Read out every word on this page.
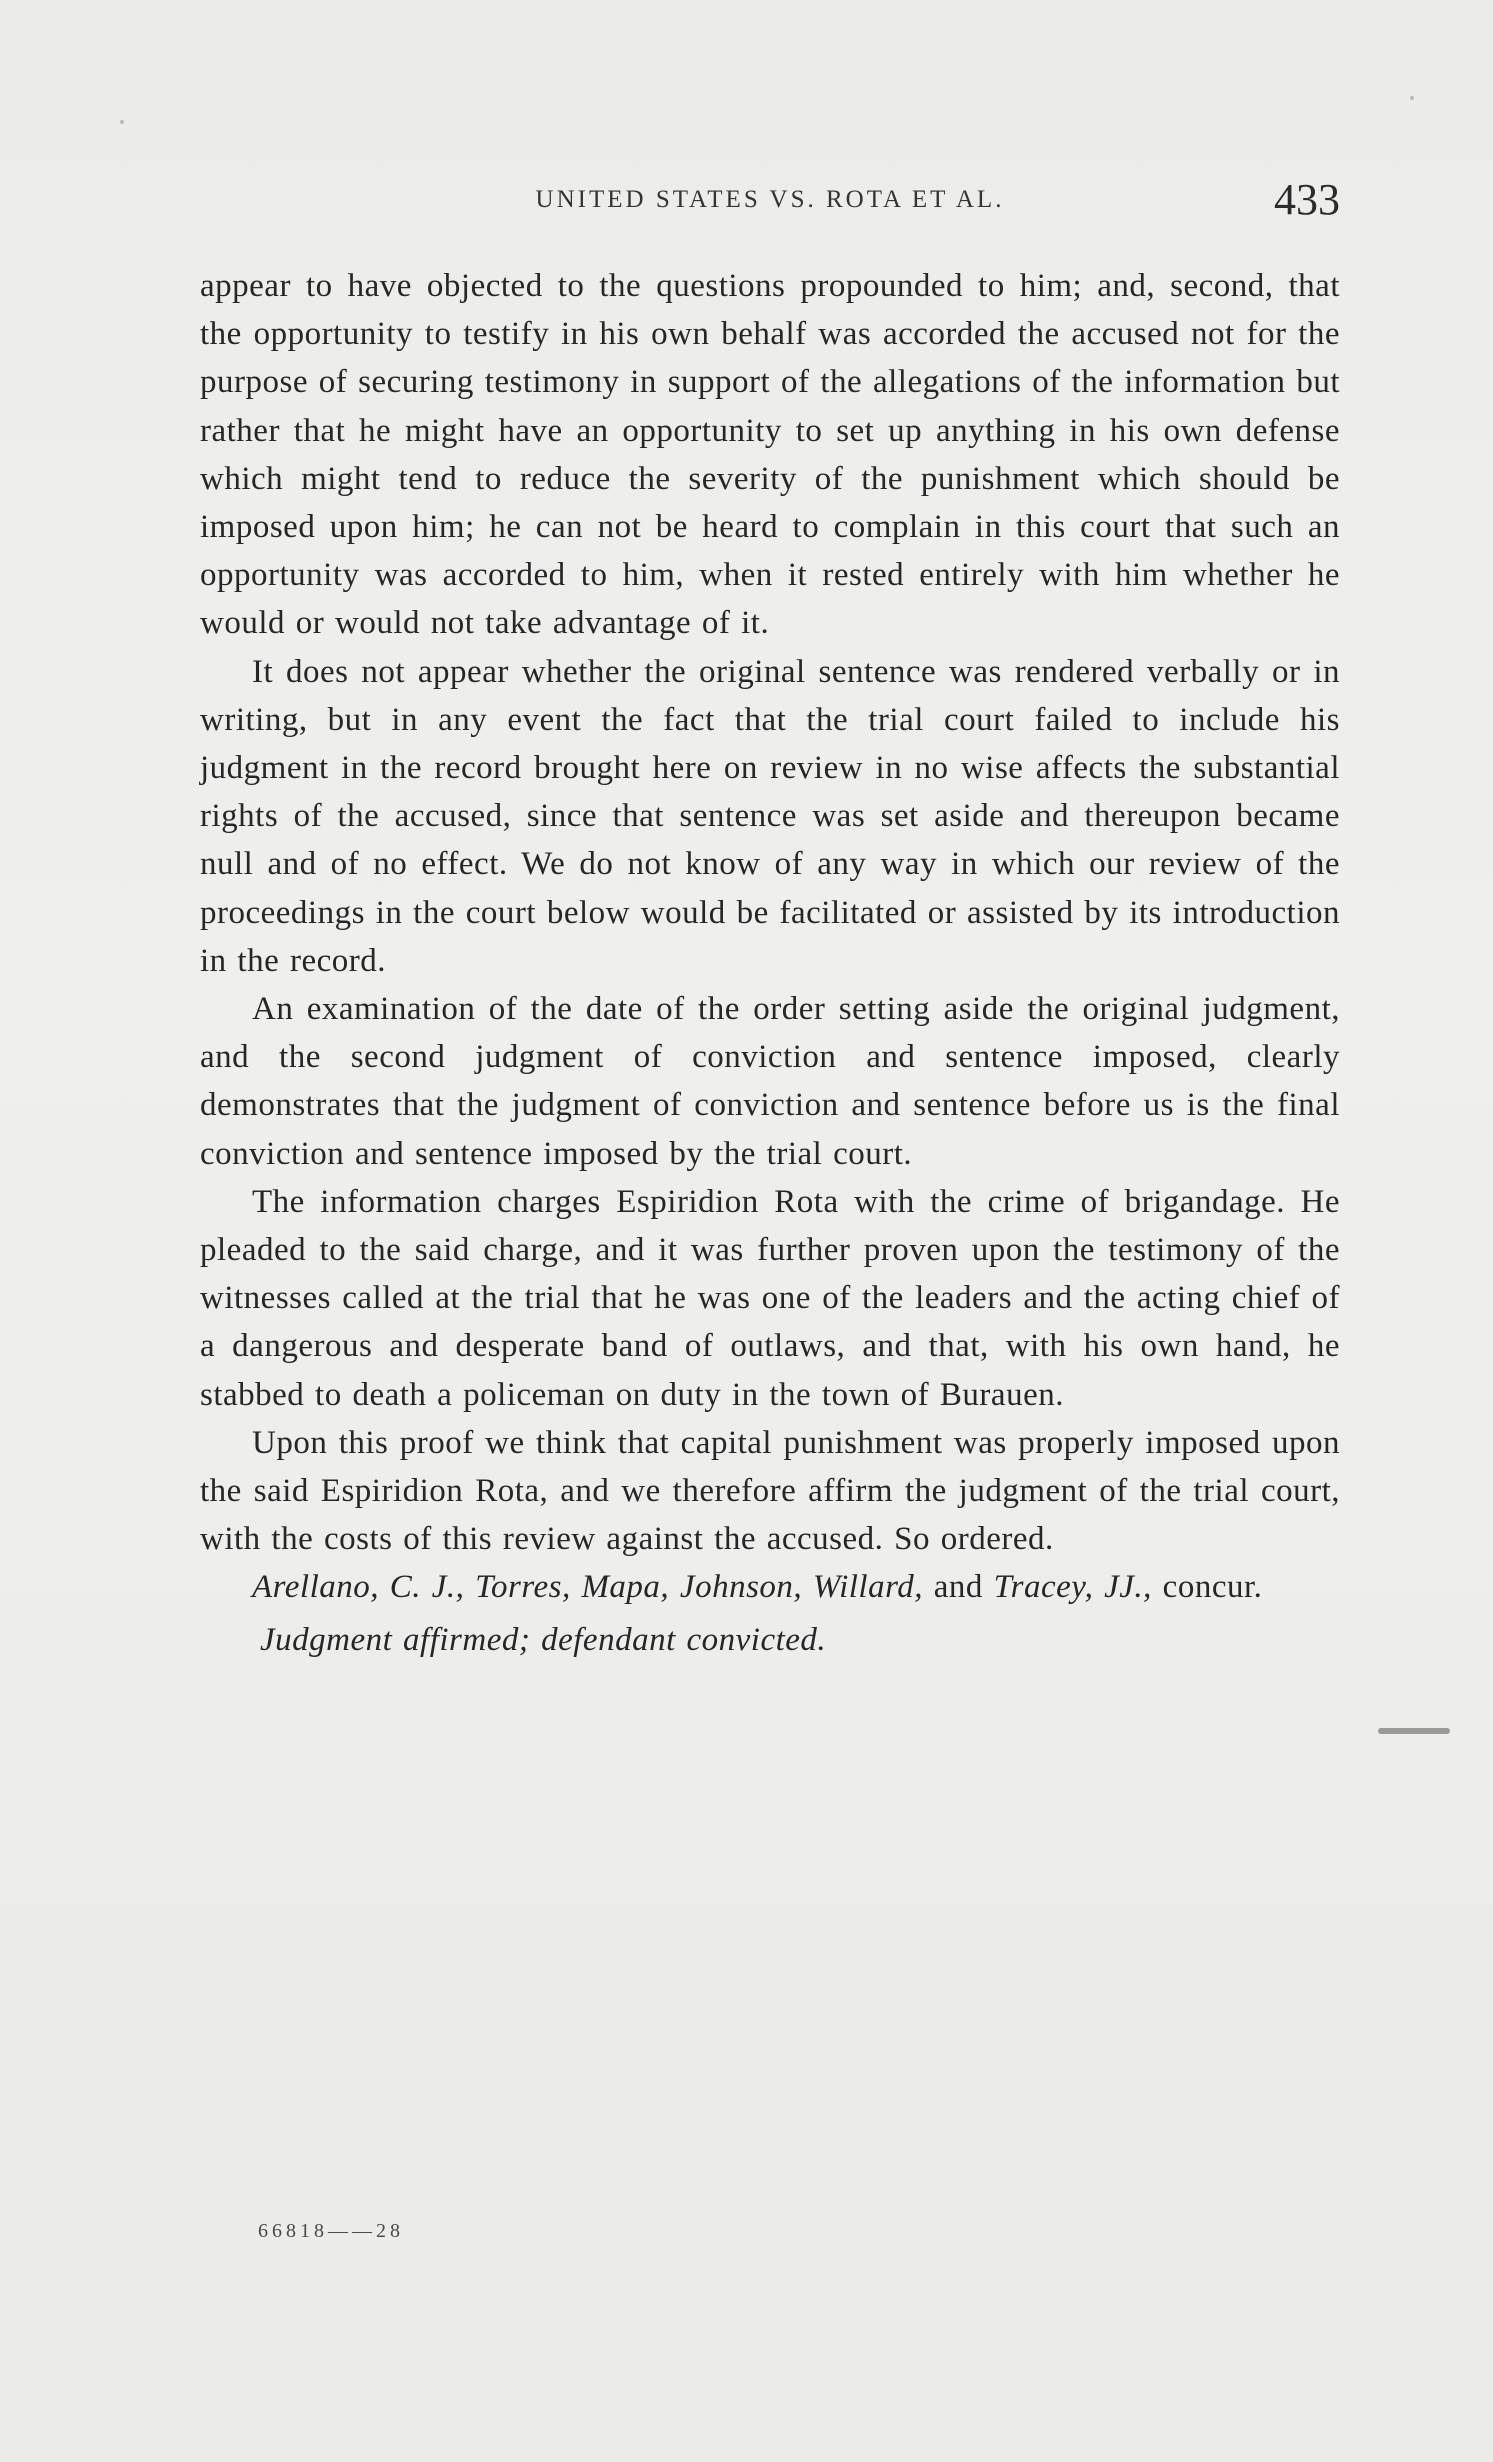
UNITED STATES VS. ROTA ET AL.	433

appear to have objected to the questions propounded to him; and, second, that the opportunity to testify in his own behalf was accorded the accused not for the purpose of securing testimony in support of the allegations of the information but rather that he might have an opportunity to set up anything in his own defense which might tend to reduce the severity of the punishment which should be imposed upon him; he can not be heard to complain in this court that such an opportunity was accorded to him, when it rested entirely with him whether he would or would not take advantage of it.

It does not appear whether the original sentence was rendered verbally or in writing, but in any event the fact that the trial court failed to include his judgment in the record brought here on review in no wise affects the substantial rights of the accused, since that sentence was set aside and thereupon became null and of no effect. We do not know of any way in which our review of the proceedings in the court below would be facilitated or assisted by its introduction in the record.

An examination of the date of the order setting aside the original judgment, and the second judgment of conviction and sentence imposed, clearly demonstrates that the judgment of conviction and sentence before us is the final conviction and sentence imposed by the trial court.

The information charges Espiridion Rota with the crime of brigandage. He pleaded to the said charge, and it was further proven upon the testimony of the witnesses called at the trial that he was one of the leaders and the acting chief of a dangerous and desperate band of outlaws, and that, with his own hand, he stabbed to death a policeman on duty in the town of Burauen.

Upon this proof we think that capital punishment was properly imposed upon the said Espiridion Rota, and we therefore affirm the judgment of the trial court, with the costs of this review against the accused. So ordered.

Arellano, C. J., Torres, Mapa, Johnson, Willard, and Tracey, JJ., concur.

Judgment affirmed; defendant convicted.

66818——28
